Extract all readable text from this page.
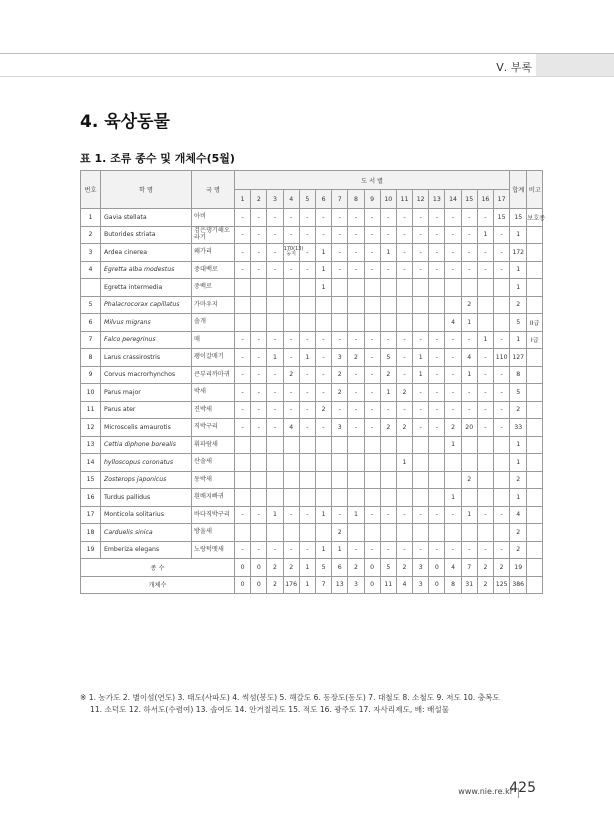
Ⅴ. 부록
4. 육상동물
표 1. 조류 종수 및 개체수(5월)
번호	학 명	국 명	도 서 별																	합계	비고
			1	2	3	4	5	6	7	8	9	10	11	12	13	14	15	16	17		
1	Gavia stellata	아비	-	-	-	-	-	-	-	-	-	-	-	-	-	-	-	-	15	15	보호종
2	Butorides striata	검은댕기해오라기	-	-	-	-	-	-	-	-	-	-	-	-	-	-	-	1	-	1	
3	Ardea cinerea	왜가리	-	-	-	170(13)둥지	-	1	-	-	-	1	-	-	-	-	-	-	-	172	
4	Egretta alba modestus	중대백로	-	-	-	-	-	1	-	-	-	-	-	-	-	-	-	-	-	1	
	Egretta intermedia	중백로						1												1	
5	Phalacrocorax capillatus	가마우지															2			2	
6	Milvus migrans	솔개														4	1			5	II급
7	Falco peregrinus	매	-	-	-	-	-	-	-	-	-	-	-	-	-	-	-	1	-	1	I급
8	Larus crassirostris	괭이갈매기	-	-	1	-	1	-	3	2	-	5	-	1	-	-	4	-	110	127	
9	Corvus macrorhynchos	큰부리까마귀	-	-	-	2	-	-	2	-	-	2	-	1	-	-	1	-	-	8	
10	Parus major	박새	-	-	-	-	-	-	2	-	-	1	2	-	-	-	-	-	-	5	
11	Parus ater	진박새	-	-	-	-	-	2	-	-	-	-	-	-	-	-	-	-	-	2	
12	Microscelis amaurotis	직박구리	-	-	-	4	-	-	3	-	-	2	2	-	-	2	20	-	-	33	
13	Cettia diphone borealis	휘파람새														1				1	
14	hylloscopus coronatus	산솔새											1							1	
15	Zosterops japonicus	동박새															2			2	
16	Turdus pallidus	흰배지빠귀														1				1	
17	Monticola solitarius	바다직박구리	-	-	1	-	-	1	-	1	-	-	-	-	-	-	1	-	-	4	
18	Carduelis sinica	방울새							2											2	
19	Emberiza elegans	노랑턱멧새	-	-	-	-	-	1	1	-	-	-	-	-	-	-	-	-	-	2	
종 수			0	0	2	2	1	5	6	2	0	5	2	3	0	4	7	2	2	19	
개체수			0	0	2	176	1	7	13	3	0	11	4	3	0	8	31	2	125	386	
※ 1. 농가도 2. 별이섬(연도) 3. 태도(사파도) 4. 썩섬(봉도) 5. 해갈도 6. 동장도(동도) 7. 대철도 8. 소철도 9. 저도 10. 충복도
11. 소덕도 12. 하서도(수렴여) 13. 솔여도 14. 안거칠리도 15. 적도 16. 광주도 17. 자사리제도, 배: 배설물
www.nie.re.kr
425
